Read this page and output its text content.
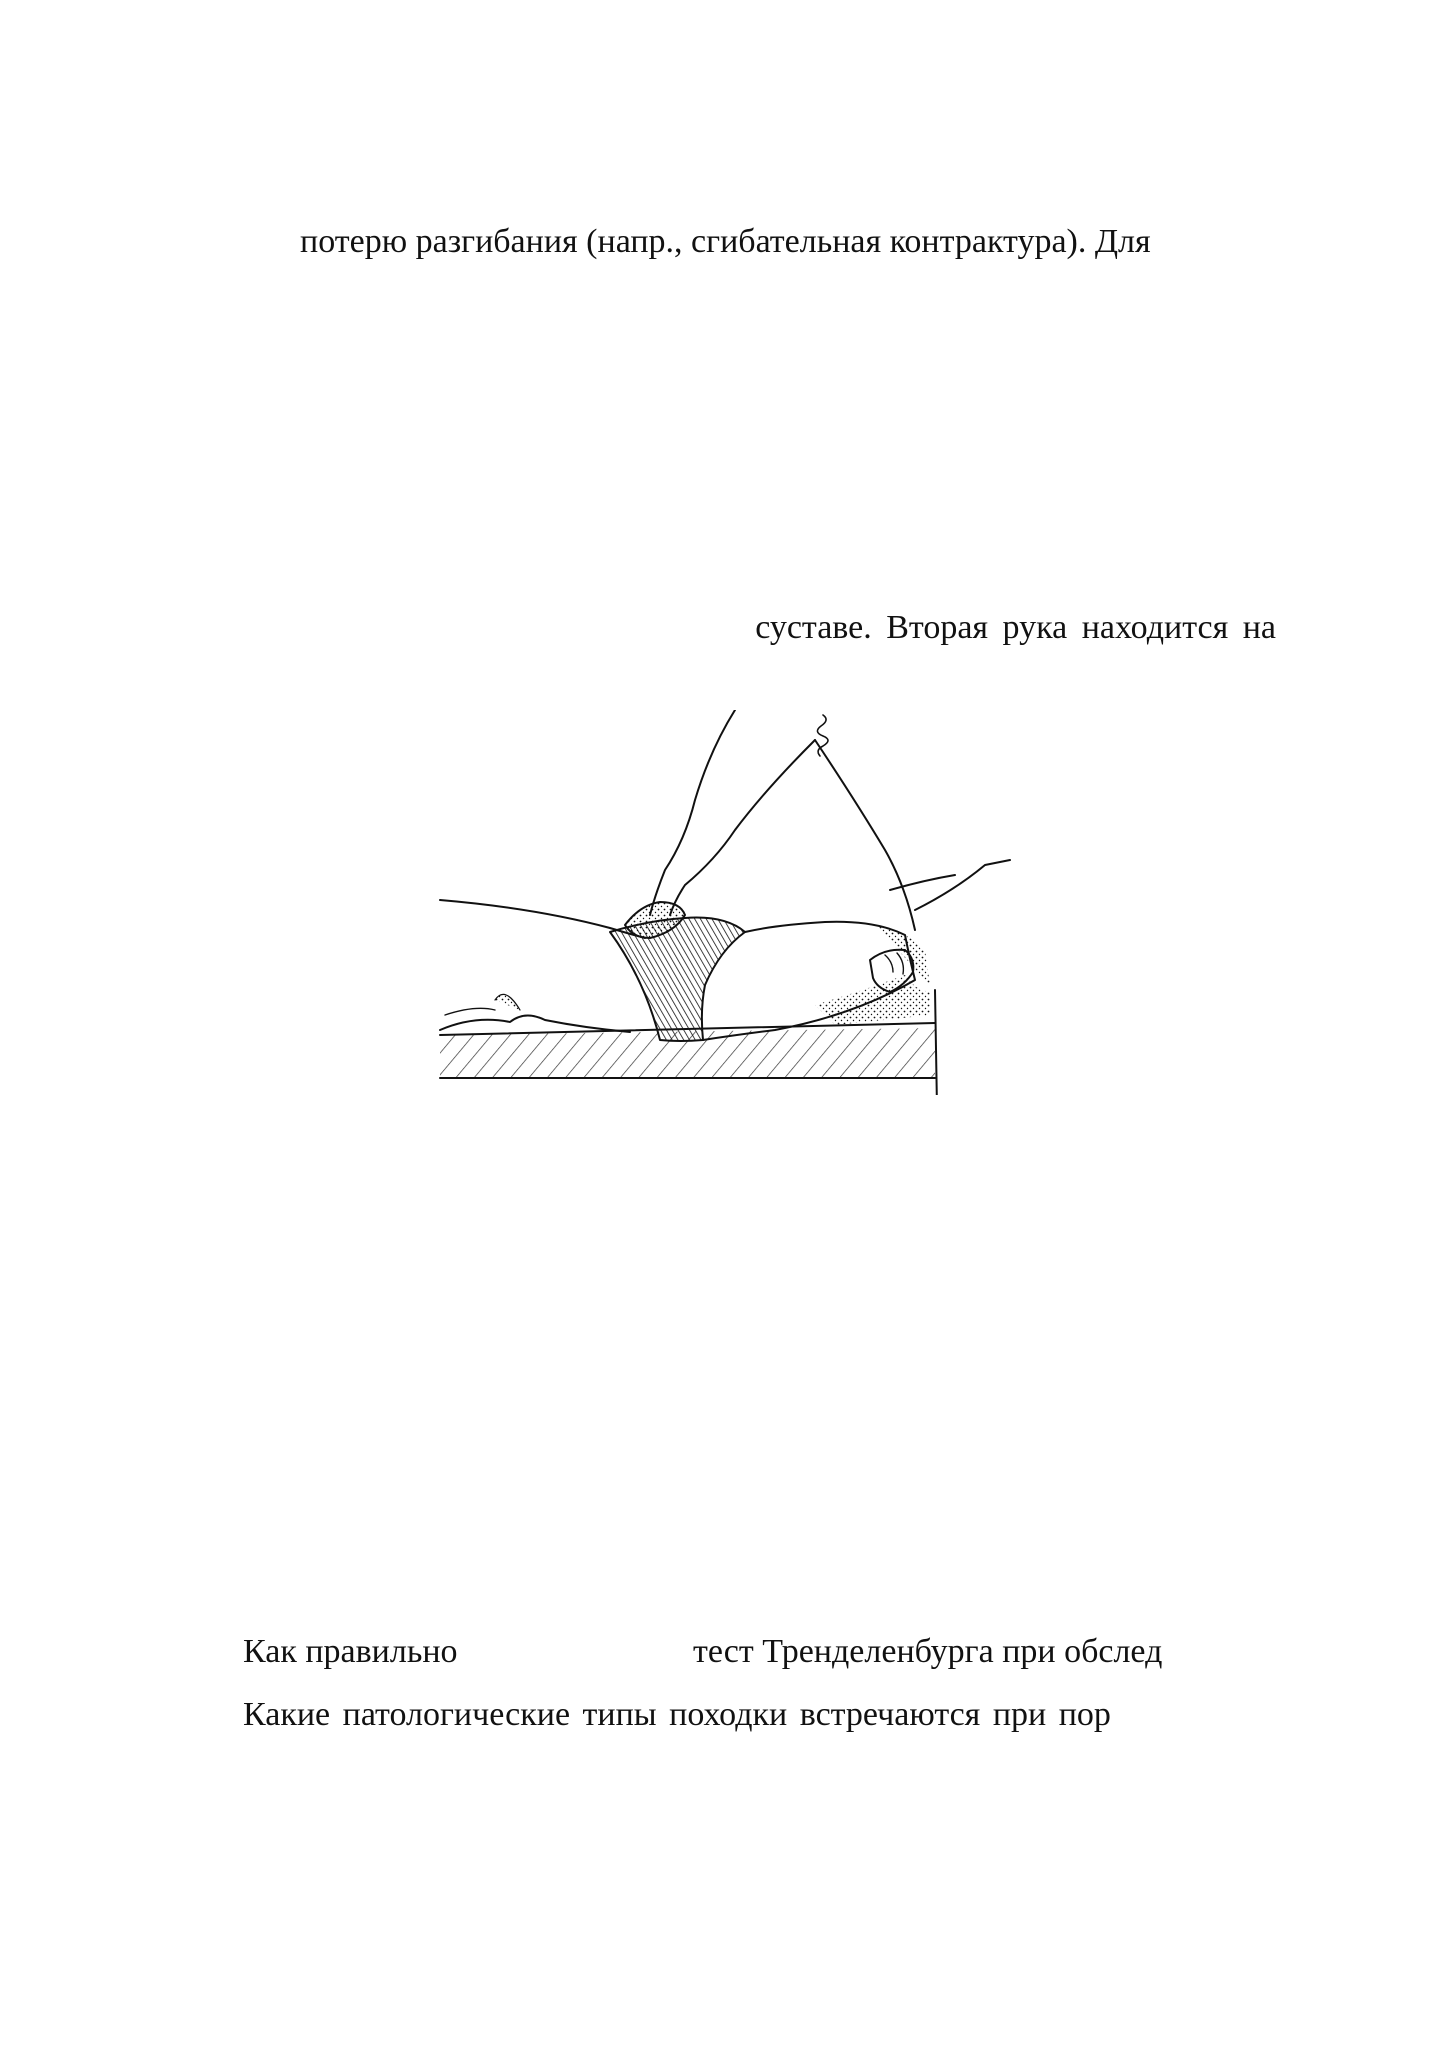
потерю разгибания (напр., сгибательная контрактура). Для

суставе. Вторая рука находится на

Как правильно	тест Тренделенбурга при обслед

Какие патологические типы походки встречаются при пор
